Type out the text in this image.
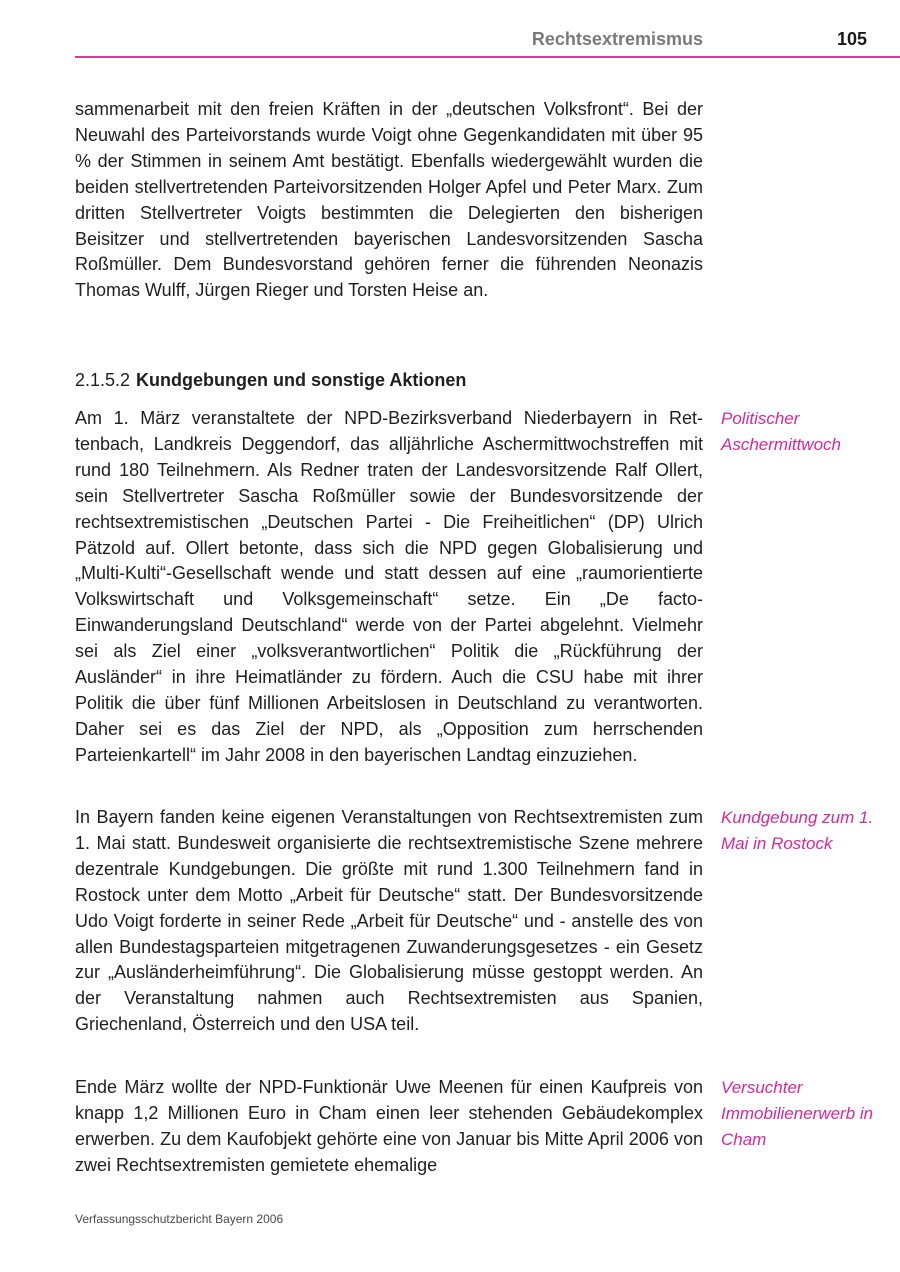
Rechtsextremismus	105

sammenarbeit mit den freien Kräften in der „deutschen Volksfront“. Bei der Neuwahl des Parteivorstands wurde Voigt ohne Gegenkandidaten mit über 95 % der Stimmen in seinem Amt bestätigt. Ebenfalls wiedergewählt wurden die beiden stellvertretenden Parteivorsitzenden Holger Apfel und Peter Marx. Zum dritten Stellvertreter Voigts bestimmten die Delegierten den bisherigen Beisitzer und stellvertretenden bayerischen Landesvorsitzenden Sascha Roßmüller. Dem Bundesvorstand gehören ferner die führenden Neonazis Thomas Wulff, Jürgen Rieger und Torsten Heise an.

2.1.5.2 Kundgebungen und sonstige Aktionen

Am 1. März veranstaltete der NPD-Bezirksverband Niederbayern in Rettenbach, Landkreis Deggendorf, das alljährliche Aschermittwochstreffen mit rund 180 Teilnehmern. Als Redner traten der Landesvorsitzende Ralf Ollert, sein Stellvertreter Sascha Roßmüller sowie der Bundesvorsitzende der rechtsextremistischen „Deutschen Partei - Die Freiheitlichen“ (DP) Ulrich Pätzold auf. Ollert betonte, dass sich die NPD gegen Globalisierung und „Multi-Kulti“-Gesellschaft wende und statt dessen auf eine „raumorientierte Volkswirtschaft und Volksgemeinschaft“ setze. Ein „De facto-Einwanderungsland Deutschland“ werde von der Partei abgelehnt. Vielmehr sei als Ziel einer „volksverantwortlichen“ Politik die „Rückführung der Ausländer“ in ihre Heimatländer zu fördern. Auch die CSU habe mit ihrer Politik die über fünf Millionen Arbeitslosen in Deutschland zu verantworten. Daher sei es das Ziel der NPD, als „Opposition zum herrschenden Parteienkartell“ im Jahr 2008 in den bayerischen Landtag einzuziehen.

Politischer Aschermittwoch

In Bayern fanden keine eigenen Veranstaltungen von Rechtsextremisten zum 1. Mai statt. Bundesweit organisierte die rechtsextremistische Szene mehrere dezentrale Kundgebungen. Die größte mit rund 1.300 Teilnehmern fand in Rostock unter dem Motto „Arbeit für Deutsche“ statt. Der Bundesvorsitzende Udo Voigt forderte in seiner Rede „Arbeit für Deutsche“ und - anstelle des von allen Bundestagsparteien mitgetragenen Zuwanderungsgesetzes - ein Gesetz zur „Ausländerheimführung“. Die Globalisierung müsse gestoppt werden. An der Veranstaltung nahmen auch Rechtsextremisten aus Spanien, Griechenland, Österreich und den USA teil.

Kundgebung zum 1. Mai in Rostock

Ende März wollte der NPD-Funktionär Uwe Meenen für einen Kaufpreis von knapp 1,2 Millionen Euro in Cham einen leer stehenden Gebäudekomplex erwerben. Zu dem Kaufobjekt gehörte eine von Januar bis Mitte April 2006 von zwei Rechtsextremisten gemietete ehemalige

Versuchter Immobilienerwerb in Cham

Verfassungsschutzbericht Bayern 2006
